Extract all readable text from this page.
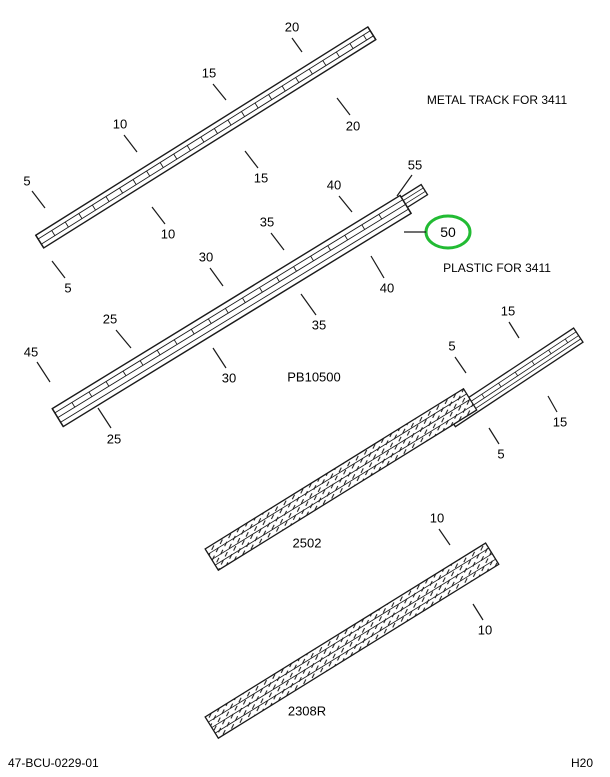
METAL TRACK FOR 3411
PLASTIC FOR 3411
PB10500
2502
2308R
50
20
15
10
5
20
15
10
5
55
40
35
30
25
45
40
35
30
25
15
5
15
5
10
10
47-BCU-0229-01	H20
